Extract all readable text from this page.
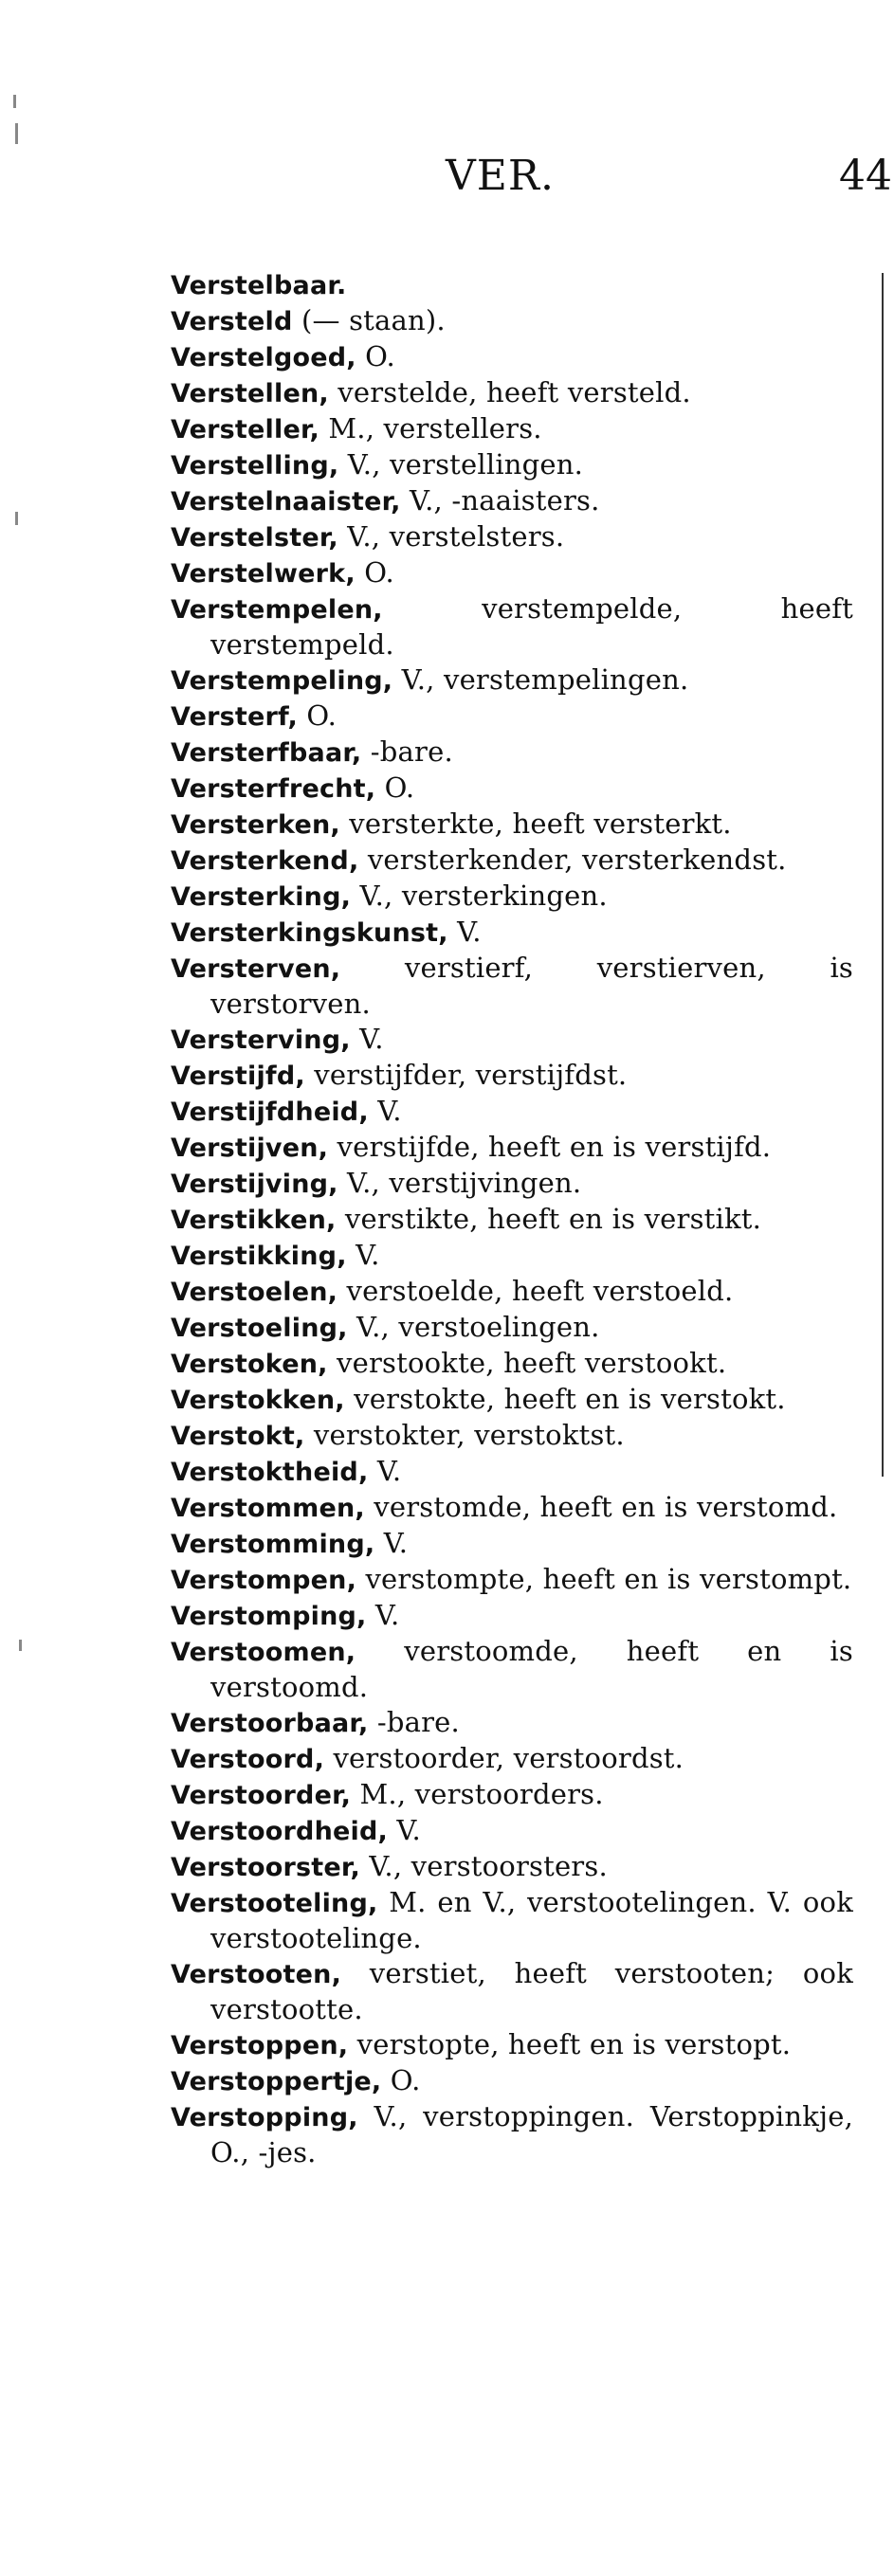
VER.	44
Verstelbaar.
Versteld (— staan).
Verstelgoed, O.
Verstellen, verstelde, heeft versteld.
Versteller, M., verstellers.
Verstelling, V., verstellingen.
Verstelnaaister, V., -naaisters.
Verstelster, V., verstelsters.
Verstelwerk, O.
Verstempelen, verstempelde, heeft verstempeld.
Verstempeling, V., verstempelingen.
Versterf, O.
Versterfbaar, -bare.
Versterfrecht, O.
Versterken, versterkte, heeft versterkt.
Versterkend, versterkender, versterkendst.
Versterking, V., versterkingen.
Versterkingskunst, V.
Versterven, verstierf, verstierven, is verstorven.
Versterving, V.
Verstijfd, verstijfder, verstijfdst.
Verstijfdheid, V.
Verstijven, verstijfde, heeft en is verstijfd.
Verstijving, V., verstijvingen.
Verstikken, verstikte, heeft en is verstikt.
Verstikking, V.
Verstoelen, verstoelde, heeft verstoeld.
Verstoeling, V., verstoelingen.
Verstoken, verstookte, heeft verstookt.
Verstokken, verstokte, heeft en is verstokt.
Verstokt, verstokter, verstoktst.
Verstoktheid, V.
Verstommen, verstomde, heeft en is verstomd.
Verstomming, V.
Verstompen, verstompte, heeft en is verstompt.
Verstomping, V.
Verstoomen, verstoomde, heeft en is verstoomd.
Verstoorbaar, -bare.
Verstoord, verstoorder, verstoordst.
Verstoorder, M., verstoorders.
Verstoordheid, V.
Verstoorster, V., verstoorsters.
Verstooteling, M. en V., verstootelingen. V. ook verstootelinge.
Verstooten, verstiet, heeft verstooten; ook verstootte.
Verstoppen, verstopte, heeft en is verstopt.
Verstoppertje, O.
Verstopping, V., verstoppingen. Verstoppinkje, O., -jes.
